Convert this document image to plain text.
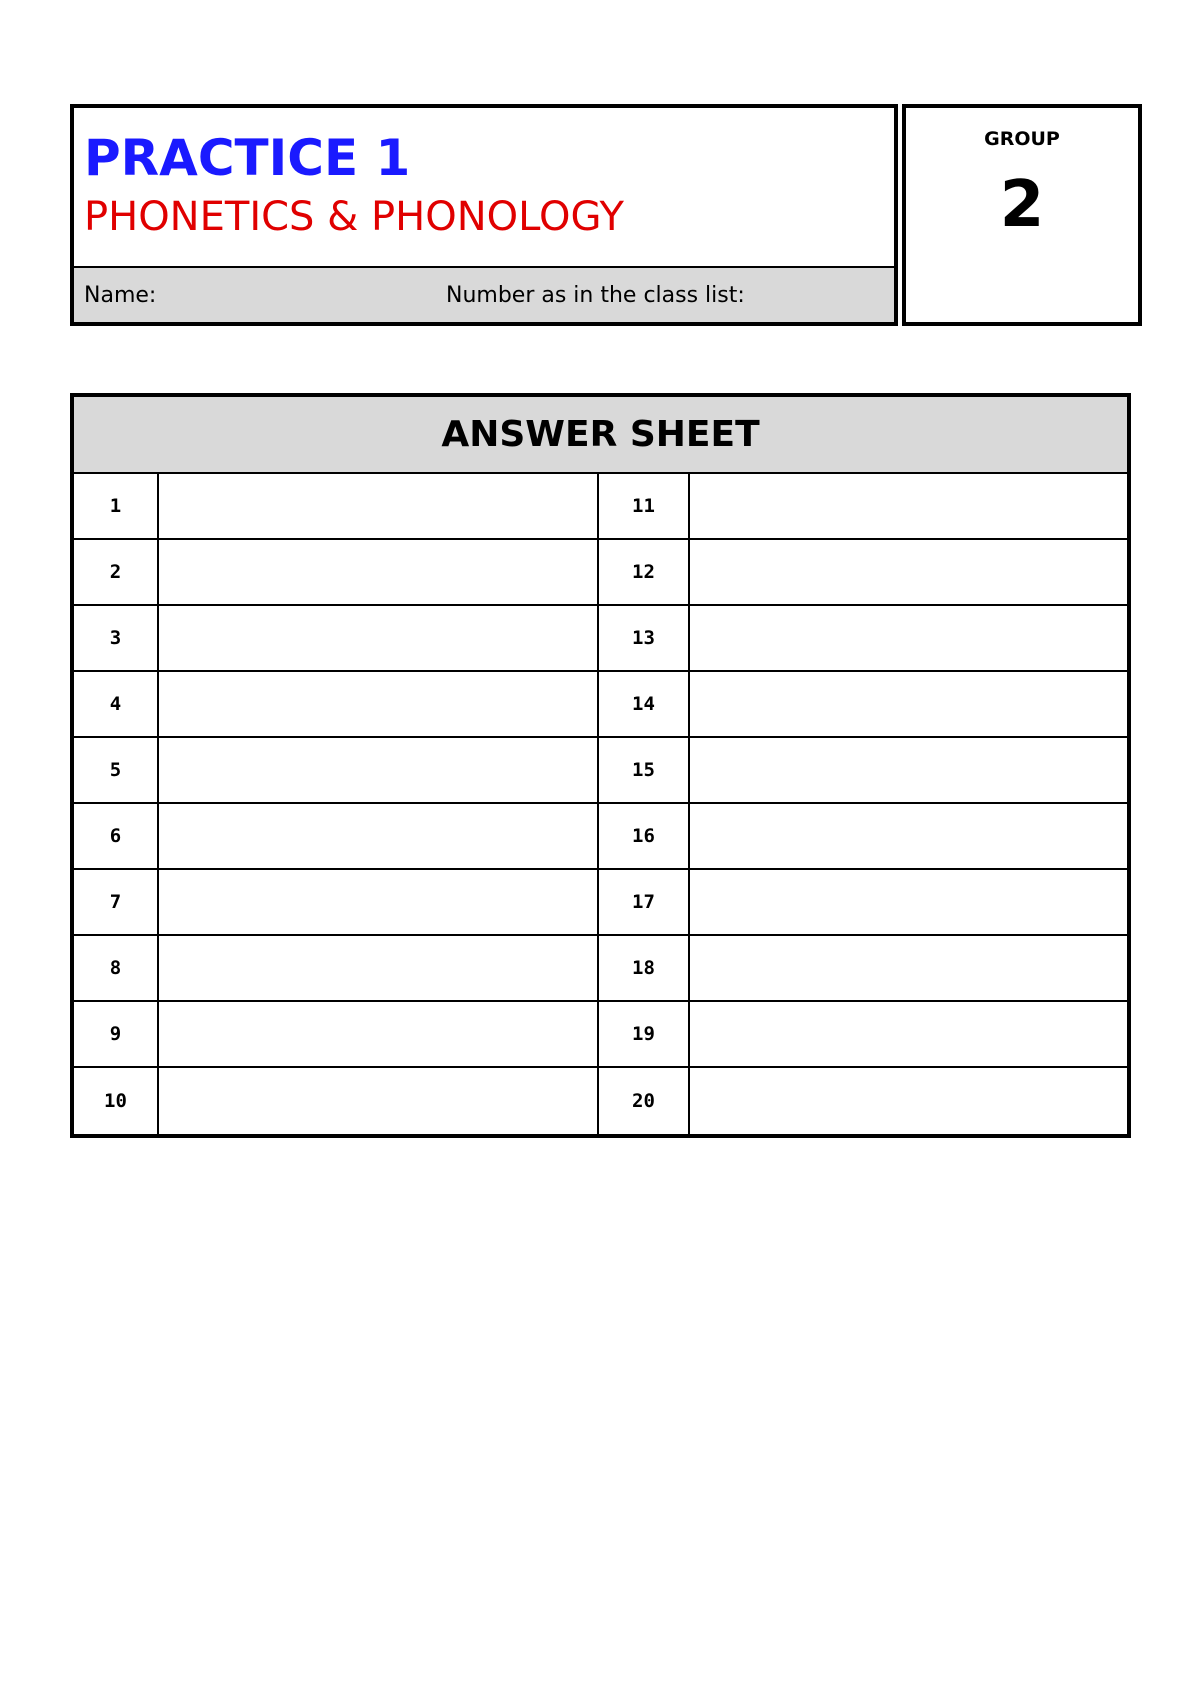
PRACTICE 1
PHONETICS & PHONOLOGY
Name:	Number as in the class list:
GROUP
2
ANSWER SHEET
1	11
2	12
3	13
4	14
5	15
6	16
7	17
8	18
9	19
10	20
